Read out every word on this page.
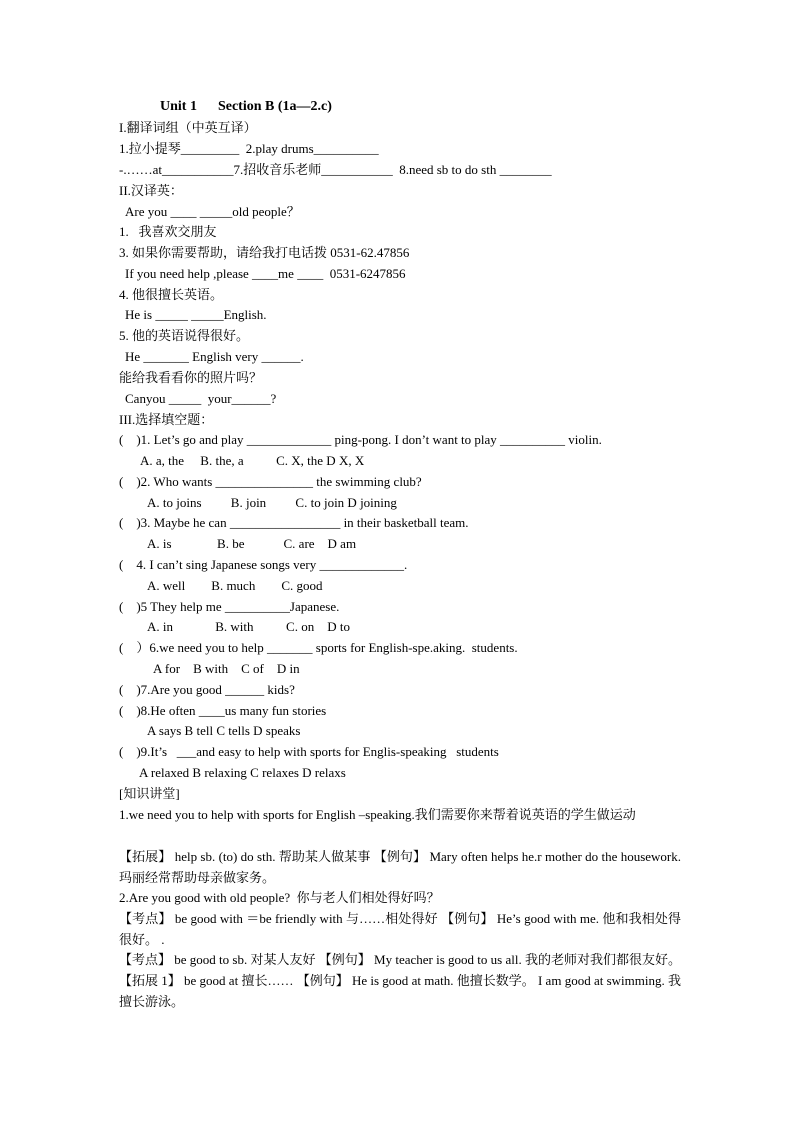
Unit 1      Section B (1a—2.c)
I.翻译词组（中英互译）
1.拉小提琴_________  2.play drums__________
-.……at___________7.招收音乐老师___________  8.need sb to do sth ________
II.汉译英：
Are you ____ _____old people？
1.   我喜欢交朋友
3. 如果你需要帮助，请给我打电话拨 0531-62.47856
If you need help ,please ____me ____  0531-6247856
4. 他很擅长英语。
He is _____ _____English.
5. 他的英语说得很好。
He _______ English very ______.
能给我看看你的照片吗？
Canyou _____  your______?
III.选择填空题：
(    )1. Let’s go and play _____________ ping-pong. I don’t want to play __________ violin.
A. a, the     B. the, a          C. X, the D X, X
(    )2. Who wants _______________ the swimming club?
A. to joins         B. join         C. to join D joining
(    )3. Maybe he can _________________ in their basketball team.
A. is              B. be            C. are    D am
(    4. I can’t sing Japanese songs very _____________.
A. well        B. much        C. good
(    )5 They help me __________Japanese.
A. in             B. with          C. on    D to
(    ）6.we need you to help _______ sports for English-spe.aking.  students.
A for    B with    C of    D in
(    )7.Are you good ______ kids?
(    )8.He often ____us many fun stories
A says B tell C tells D speaks
(    )9.It’s   ___and easy to help with sports for Englis-speaking   students
A relaxed B relaxing C relaxes D relaxs
[知识讲堂]
1.we need you to help with sports for English –speaking.我们需要你来帮着说英语的学生做运动
【拓展】 help sb. (to) do sth. 帮助某人做某事 【例句】 Mary often helps he.r mother do the housework. 玛丽经常帮助母亲做家务。
2.Are you good with old people?  你与老人们相处得好吗？
【考点】 be good with ＝be friendly with 与……相处得好 【例句】 He’s good with me. 他和我相处得很好。 .
【考点】 be good to sb. 对某人友好 【例句】 My teacher is good to us all. 我的老师对我们都很友好。 【拓展 1】 be good at 擅长…… 【例句】 He is good at math. 他擅长数学。 I am good at swimming. 我擅长游泳。
